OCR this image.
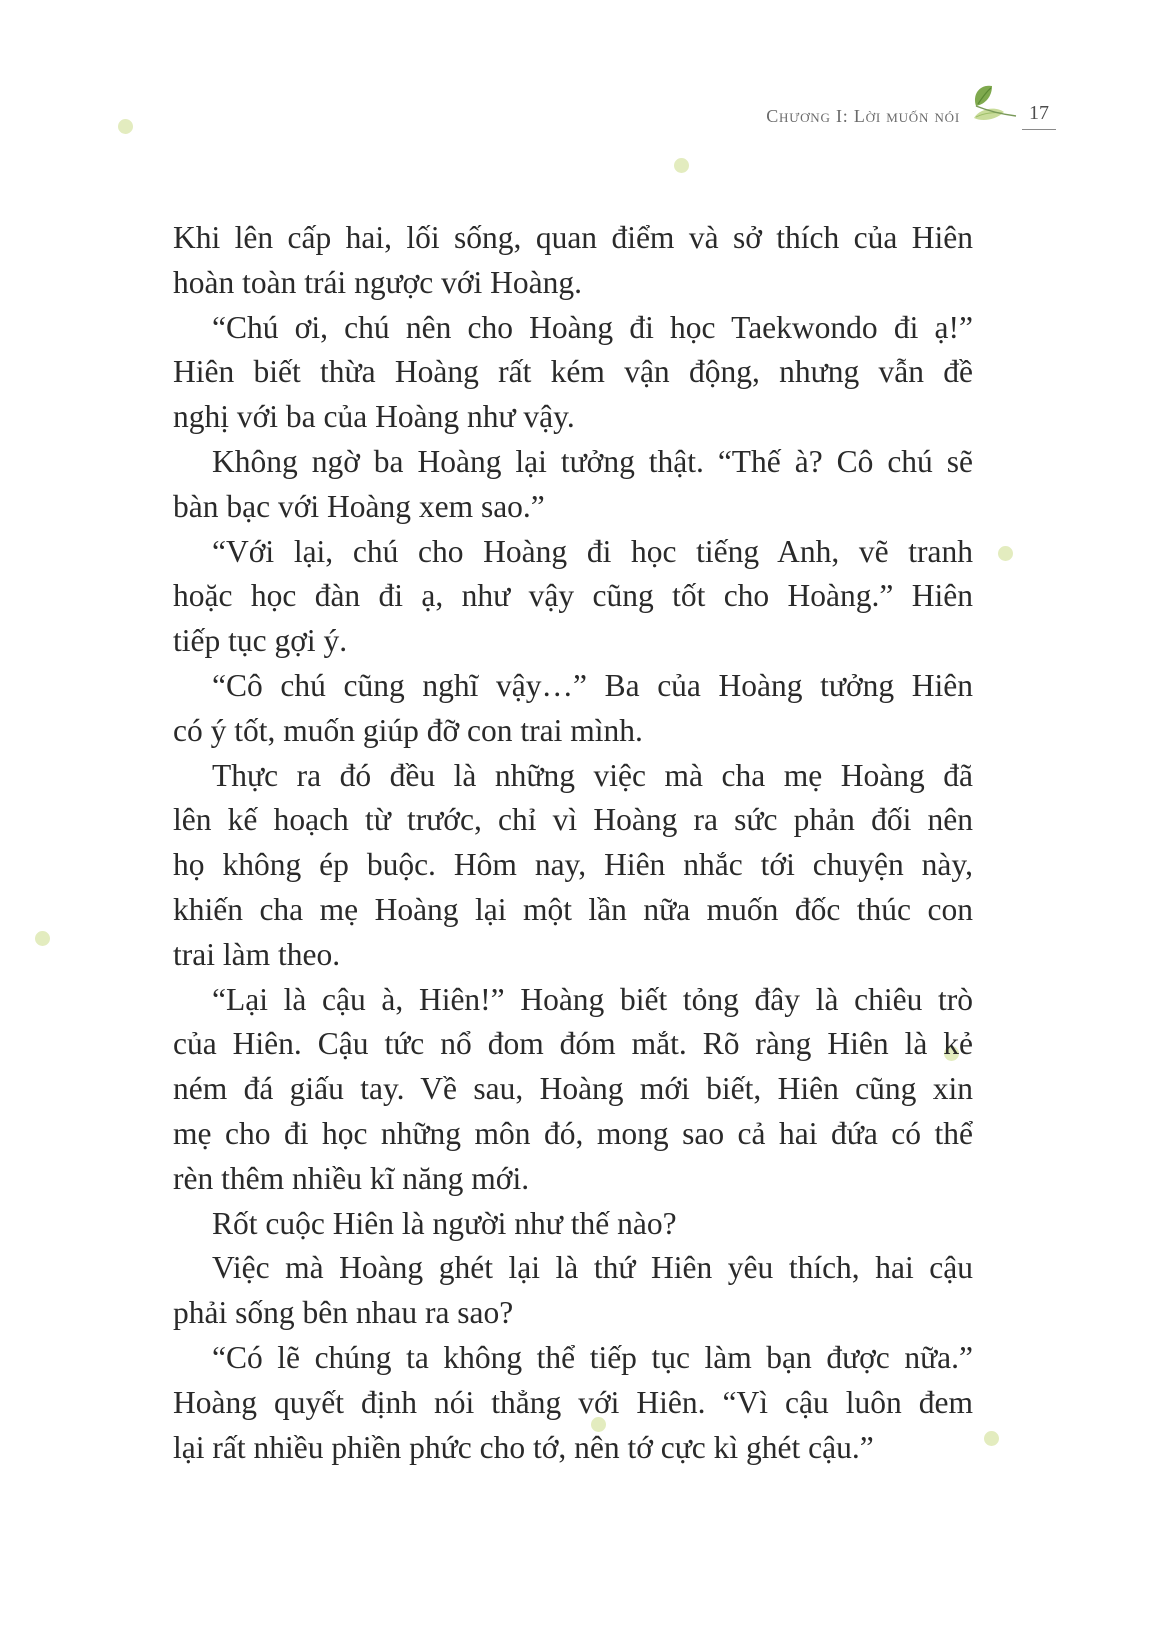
Chương I: Lời muốn nói	17

Khi lên cấp hai, lối sống, quan điểm và sở thích của Hiên

hoàn toàn trái ngược với Hoàng.

“Chú ơi, chú nên cho Hoàng đi học Taekwondo đi ạ!”

Hiên biết thừa Hoàng rất kém vận động, nhưng vẫn đề

nghị với ba của Hoàng như vậy.

Không ngờ ba Hoàng lại tưởng thật. “Thế à? Cô chú sẽ

bàn bạc với Hoàng xem sao.”

“Với lại, chú cho Hoàng đi học tiếng Anh, vẽ tranh

hoặc học đàn đi ạ, như vậy cũng tốt cho Hoàng.” Hiên

tiếp tục gợi ý.

“Cô chú cũng nghĩ vậy…” Ba của Hoàng tưởng Hiên

có ý tốt, muốn giúp đỡ con trai mình.

Thực ra đó đều là những việc mà cha mẹ Hoàng đã

lên kế hoạch từ trước, chỉ vì Hoàng ra sức phản đối nên

họ không ép buộc. Hôm nay, Hiên nhắc tới chuyện này,

khiến cha mẹ Hoàng lại một lần nữa muốn đốc thúc con

trai làm theo.

“Lại là cậu à, Hiên!” Hoàng biết tỏng đây là chiêu trò

của Hiên. Cậu tức nổ đom đóm mắt. Rõ ràng Hiên là kẻ

ném đá giấu tay. Về sau, Hoàng mới biết, Hiên cũng xin

mẹ cho đi học những môn đó, mong sao cả hai đứa có thể

rèn thêm nhiều kĩ năng mới.

Rốt cuộc Hiên là người như thế nào?

Việc mà Hoàng ghét lại là thứ Hiên yêu thích, hai cậu

phải sống bên nhau ra sao?

“Có lẽ chúng ta không thể tiếp tục làm bạn được nữa.”

Hoàng quyết định nói thẳng với Hiên. “Vì cậu luôn đem

lại rất nhiều phiền phức cho tớ, nên tớ cực kì ghét cậu.”
